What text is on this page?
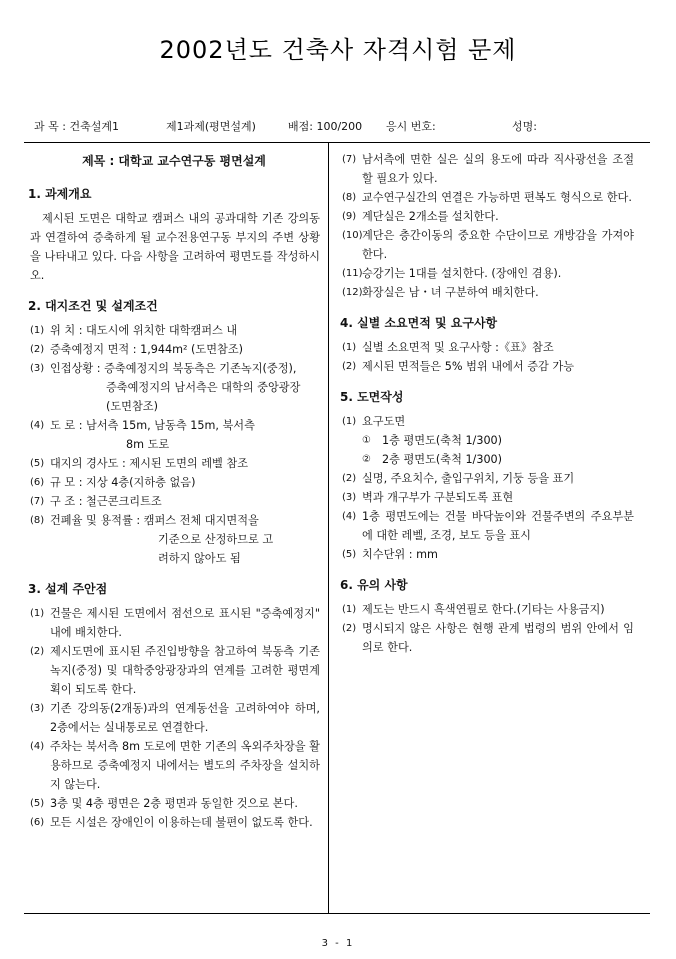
2002년도 건축사 자격시험 문제
과 목 : 건축설계1	제1과제(평면설계)	배점: 100/200 응시 번호:	성명:
제목 : 대학교 교수연구동 평면설계
1. 과제개요
제시된 도면은 대학교 캠퍼스 내의 공과대학 기존 강의동과 연결하여 증축하게 될 교수전용연구동 부지의 주변 상황을 나타내고 있다. 다음 사항을 고려하여 평면도를 작성하시오.
2. 대지조건 및 설계조건
(1) 위 치 : 대도시에 위치한 대학캠퍼스 내
(2) 증축예정지 면적 : 1,944m² (도면참조)
(3) 인접상황 : 증축예정지의 북동측은 기존녹지(중정),
증축예정지의 남서측은 대학의 중앙광장
(도면참조)
(4) 도 로 : 남서측 15m, 남동측 15m, 북서측
8m 도로
(5) 대지의 경사도 : 제시된 도면의 레벨 참조
(6) 규 모 : 지상 4층(지하층 없음)
(7) 구 조 : 철근콘크리트조
(8) 건폐율 및 용적률 : 캠퍼스 전체 대지면적을
기준으로 산정하므로 고
려하지 않아도 됨
3. 설계 주안점
(1) 건물은 제시된 도면에서 점선으로 표시된 "증축예정지" 내에 배치한다.
(2) 제시도면에 표시된 주진입방향을 참고하여 북동측 기존녹지(중정) 및 대학중앙광장과의 연계를 고려한 평면계획이 되도록 한다.
(3) 기존 강의동(2개동)과의 연계동선을 고려하여야 하며, 2층에서는 실내통로로 연결한다.
(4) 주차는 북서측 8m 도로에 면한 기존의 옥외주차장을 활용하므로 증축예정지 내에서는 별도의 주차장을 설치하지 않는다.
(5) 3층 및 4층 평면은 2층 평면과 동일한 것으로 본다.
(6) 모든 시설은 장애인이 이용하는데 불편이 없도록 한다.
(7) 남서측에 면한 실은 실의 용도에 따라 직사광선을 조절할 필요가 있다.
(8) 교수연구실간의 연결은 가능하면 편복도 형식으로 한다.
(9) 계단실은 2개소를 설치한다.
(10) 계단은 층간이동의 중요한 수단이므로 개방감을 가져야 한다.
(11) 승강기는 1대를 설치한다. (장애인 겸용).
(12) 화장실은 남・녀 구분하여 배치한다.
4. 실별 소요면적 및 요구사항
(1) 실별 소요면적 및 요구사항 :《표》참조
(2) 제시된 면적들은 5% 범위 내에서 증감 가능
5. 도면작성
(1) 요구도면
① 1층 평면도(축척 1/300)
② 2층 평면도(축척 1/300)
(2) 실명, 주요치수, 출입구위치, 기둥 등을 표기
(3) 벽과 개구부가 구분되도록 표현
(4) 1층 평면도에는 건물 바닥높이와 건물주변의 주요부분에 대한 레벨, 조경, 보도 등을 표시
(5) 치수단위 : mm
6. 유의 사항
(1) 제도는 반드시 흑색연필로 한다.(기타는 사용금지)
(2) 명시되지 않은 사항은 현행 관계 법령의 범위 안에서 임의로 한다.
3 - 1
